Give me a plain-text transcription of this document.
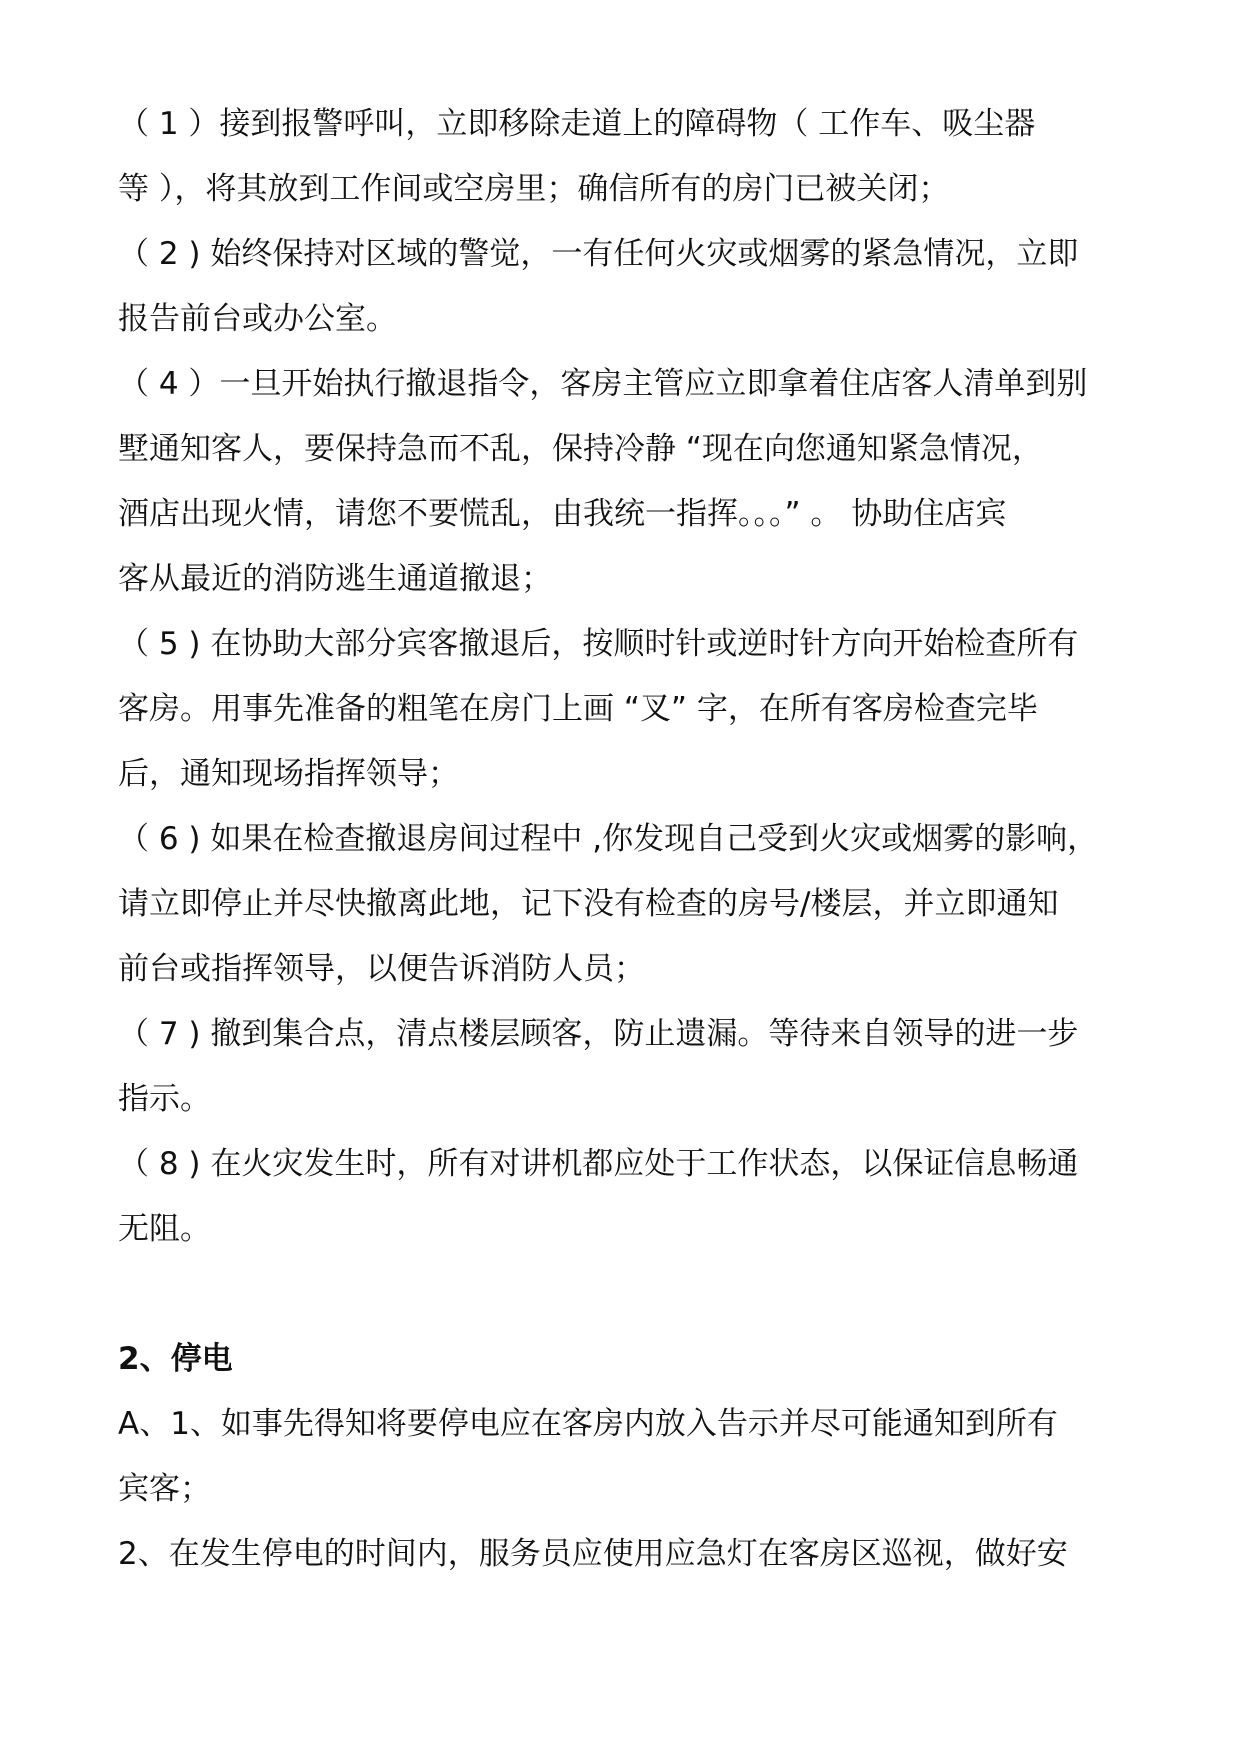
（ 1 ）接到报警呼叫，立即移除走道上的障碍物（ 工作车、吸尘器
等 ），将其放到工作间或空房里；确信所有的房门已被关闭；
（ 2 ) 始终保持对区域的警觉，一有任何火灾或烟雾的紧急情况，立即
报告前台或办公室。
（ 4 ）一旦开始执行撤退指令，客房主管应立即拿着住店客人清单到别
墅通知客人，要保持急而不乱，保持冷静 “现在向您通知紧急情况，
酒店出现火情，请您不要慌乱，由我统一指挥。。。” 。 协助住店宾
客从最近的消防逃生通道撤退；
（ 5 ) 在协助大部分宾客撤退后，按顺时针或逆时针方向开始检查所有
客房。用事先准备的粗笔在房门上画 “叉” 字，在所有客房检查完毕
后，通知现场指挥领导；
（ 6 ) 如果在检查撤退房间过程中 ,你发现自己受到火灾或烟雾的影响，
请立即停止并尽快撤离此地，记下没有检查的房号/楼层，并立即通知
前台或指挥领导，以便告诉消防人员；
（ 7 ) 撤到集合点，清点楼层顾客，防止遗漏。等待来自领导的进一步
指示。
（ 8 ) 在火灾发生时，所有对讲机都应处于工作状态，以保证信息畅通
无阻。
2、停电
A、1、如事先得知将要停电应在客房内放入告示并尽可能通知到所有
宾客；
2、在发生停电的时间内，服务员应使用应急灯在客房区巡视，做好安
